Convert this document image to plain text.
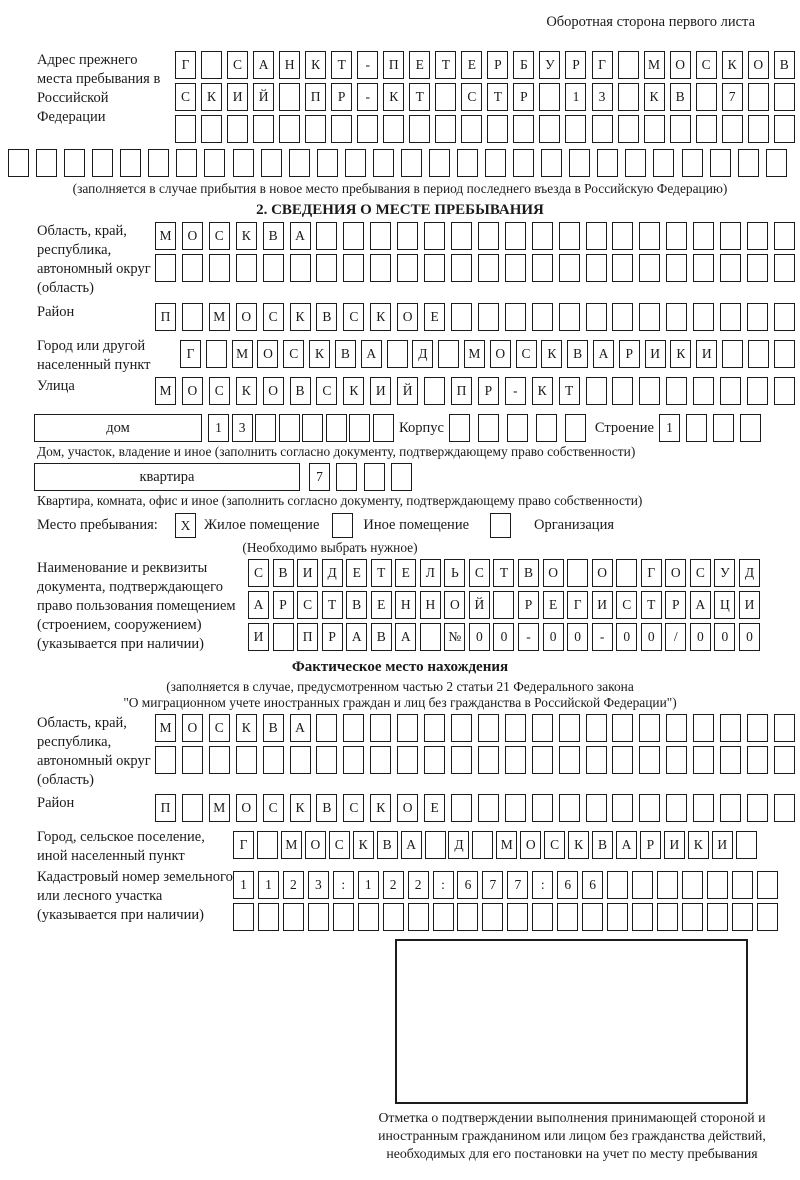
Оборотная сторона первого листа
Адрес прежнего места пребывания в Российской Федерации
Г	С	А	Н	К	Т	-	П	Е	Т	Е	Р	Б	У	Р	Г	М	О	С	К	О	В
С	К	И	Й	П	Р	-	К	Т	С	Т	Р	1	3	К	В	7
(заполняется в случае прибытия в новое место пребывания в период последнего въезда в Российскую Федерацию)
2. СВЕДЕНИЯ О МЕСТЕ ПРЕБЫВАНИЯ
Область, край, республика, автономный округ (область)
М	О	С	К	В	А
Район	П	М	О	С	К	В	С	К	О	Е
Город или другой населенный пункт
Г	М	О	С	К	В	А	Д	М	О	С	К	В	А	Р	И	К	И
Улица	М	О	С	К	О	В	С	К	И	Й	П	Р	-	К	Т
дом	1	3	Корпус	Строение 1
Дом, участок, владение и иное (заполнить согласно документу, подтверждающему право собственности)
квартира	7
Квартира, комната, офис и иное (заполнить согласно документу, подтверждающему право собственности)
Место пребывания:	X Жилое помещение	Иное помещение	Организация
(Необходимо выбрать нужное)
Наименование и реквизиты документа, подтверждающего право пользования помещением (строением, сооружением) (указывается при наличии)
С	В	И	Д	Е	Т	Е	Л	Ь	С	Т	В	О	О	Г	О	С	У	Д
А	Р	С	Т	В	Е	Н	Н	О	Й	Р	Е	Г	И	С	Т	Р	А	Ц	И
И	П	Р	А	В	А	№	0	0	-	0	0	-	0	0	/	0	0	0
Фактическое место нахождения
(заполняется в случае, предусмотренном частью 2 статьи 21 Федерального закона
"О миграционном учете иностранных граждан и лиц без гражданства в Российской Федерации")
Область, край, республика, автономный округ (область)
М	О	С	К	В	А
Район	П	М	О	С	К	В	С	К	О	Е
Город, сельское поселение, иной населенный пункт
Г	М О	С	К	В	А	Д	М О	С	К	В	А	Р	И	К	И
Кадастровый номер земельного или лесного участка (указывается при наличии)
1	1	2	3	:	1	2	2	:	6	7	7	:	6	6
Отметка о подтверждении выполнения принимающей стороной и иностранным гражданином или лицом без гражданства действий, необходимых для его постановки на учет по месту пребывания
